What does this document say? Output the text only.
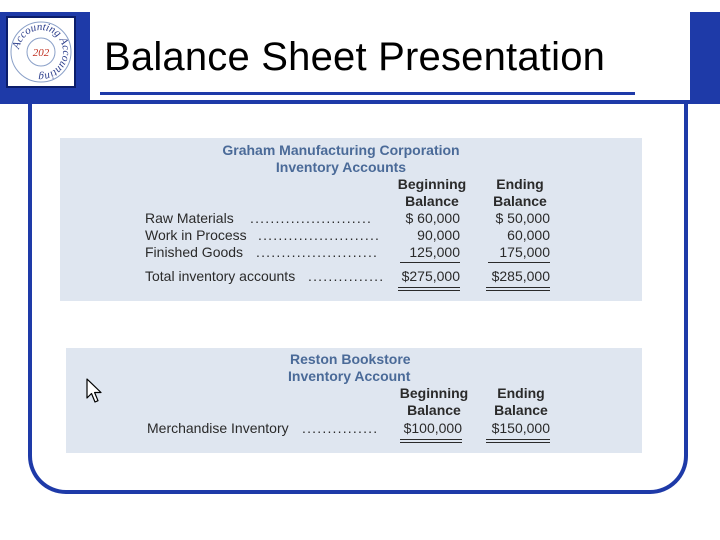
Accounting Accounting
202 Balance Sheet Presentation
Graham Manufacturing Corporation
Inventory Accounts
Beginning
Balance
Ending
Balance
Raw Materials ........................	$ 60,000	$ 50,000
Work in Process ........................	90,000	60,000
Finished Goods ........................	125,000	175,000
Total inventory accounts ...............	$275,000	$285,000
Reston Bookstore
Inventory Account
Beginning
Balance
Ending
Balance
Merchandise Inventory ...............	$100,000	$150,000
